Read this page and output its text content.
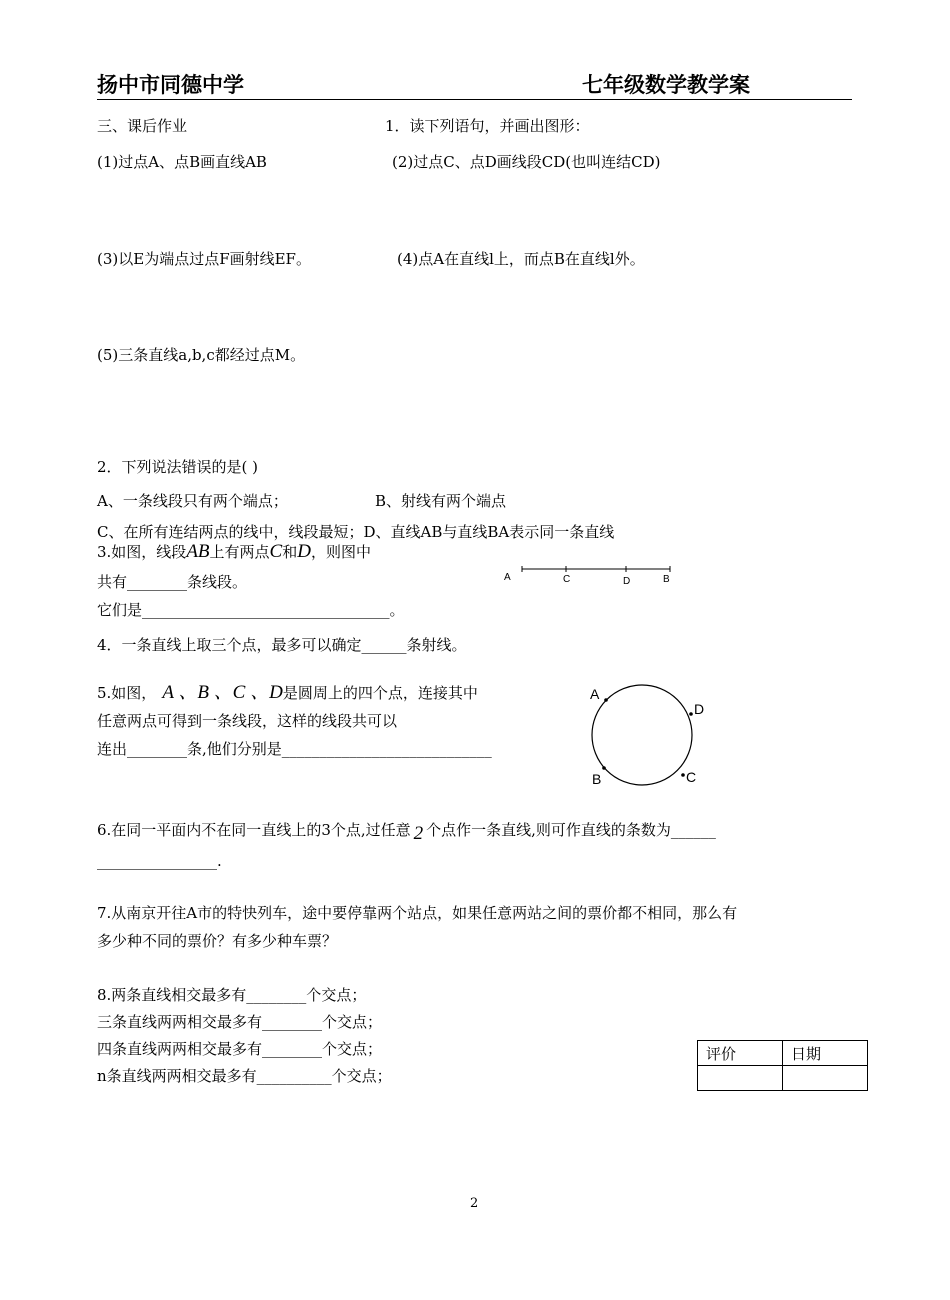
扬中市同德中学	七年级数学教学案
三、课后作业	1．读下列语句，并画出图形：
(1)过点A、点B画直线AB	(2)过点C、点D画线段CD(也叫连结CD)
(3)以E为端点过点F画射线EF。	(4)点A在直线l上，而点B在直线l外。
(5)三条直线a,b,c都经过点M。
2．下列说法错误的是( )
A、一条线段只有两个端点；	B、射线有两个端点
C、在所有连结两点的线中，线段最短；D、直线AB与直线BA表示同一条直线
3.如图，线段AB上有两点C和D，则图中
共有________条线段。
它们是_________________________________。
A	C	D	B
4．一条直线上取三个点，最多可以确定______条射线。
5.如图， A 、B 、C 、D是圆周上的四个点，连接其中
任意两点可得到一条线段，这样的线段共可以
连出________条,他们分别是____________________________
A
D
B	C
6.在同一平面内不在同一直线上的3个点,过任意 2 个点作一条直线,则可作直线的条数为______
________________.
7.从南京开往A市的特快列车，途中要停靠两个站点，如果任意两站之间的票价都不相同，那么有
多少种不同的票价？有多少种车票？
8.两条直线相交最多有________个交点；
三条直线两两相交最多有________个交点；
四条直线两两相交最多有________个交点；
n条直线两两相交最多有__________个交点；
评价	日期

2
